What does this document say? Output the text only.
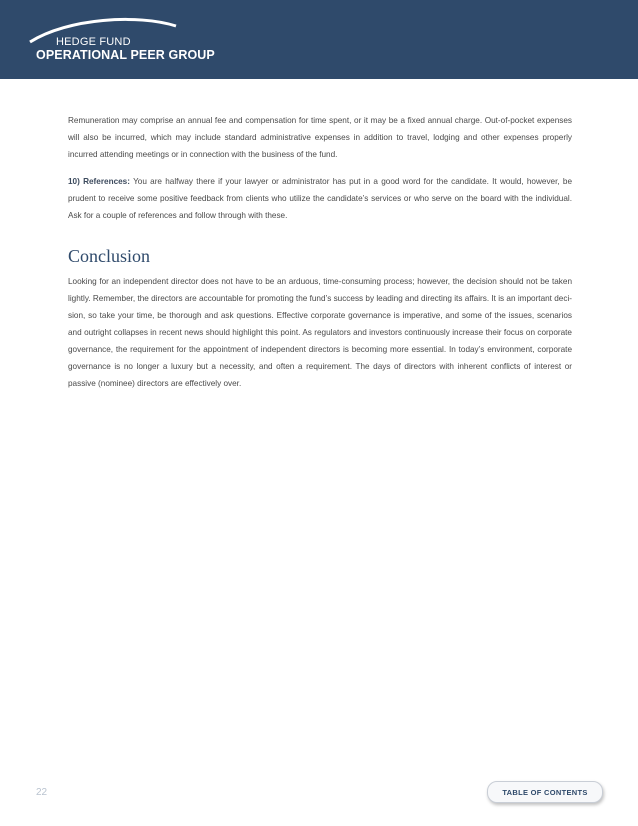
HEDGE FUND
OPERATIONAL PEER GROUP

Remuneration may comprise an annual fee and compensation for time spent, or it may be a fixed annual charge. Out-of-pocket expenses will also be incurred, which may include standard administrative expenses in addition to travel, lodging and other expenses properly incurred attending meetings or in connection with the business of the fund.

10) References: You are halfway there if your lawyer or administrator has put in a good word for the candidate. It would, however, be prudent to receive some positive feedback from clients who utilize the candidate’s services or who serve on the board with the individual. Ask for a couple of references and follow through with these.

Conclusion

Looking for an independent director does not have to be an arduous, time-consuming process; however, the decision should not be taken lightly. Remember, the directors are accountable for promoting the fund’s success by leading and directing its affairs. It is an important deci-sion, so take your time, be thorough and ask questions. Effective corporate governance is imperative, and some of the issues, scenarios and outright collapses in recent news should highlight this point. As regulators and investors continuously increase their focus on corporate governance, the requirement for the appointment of independent directors is becoming more essential. In today’s environment, corporate governance is no longer a luxury but a necessity, and often a requirement. The days of directors with inherent conflicts of interest or passive (nominee) directors are effectively over.

22	TABLE OF CONTENTS
